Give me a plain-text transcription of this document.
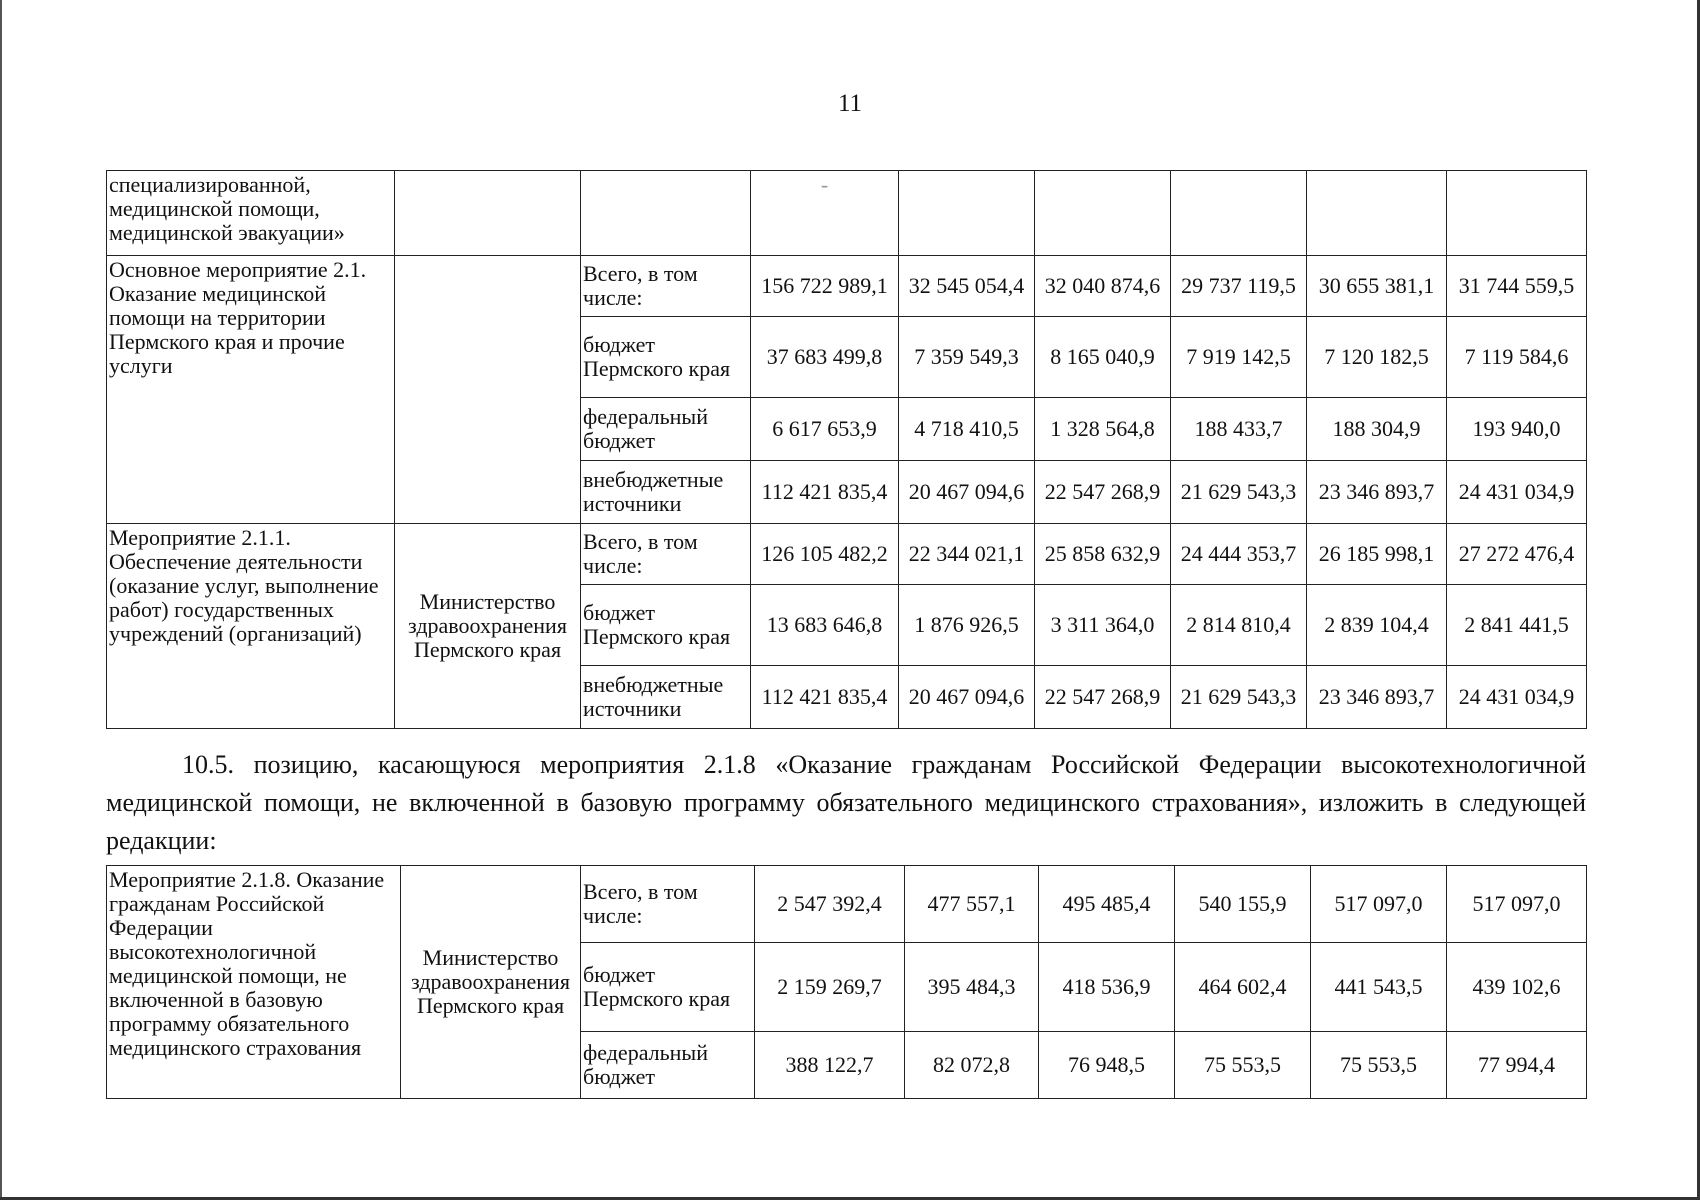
11
специализированной, медицинской помощи, медицинской эвакуации»			-					
Основное мероприятие 2.1. Оказание медицинской помощи на территории Пермского края и прочие услуги		Всего, в том числе:	156 722 989,1	32 545 054,4	32 040 874,6	29 737 119,5	30 655 381,1	31 744 559,5
		бюджет Пермского края	37 683 499,8	7 359 549,3	8 165 040,9	7 919 142,5	7 120 182,5	7 119 584,6
		федеральный бюджет	6 617 653,9	4 718 410,5	1 328 564,8	188 433,7	188 304,9	193 940,0
		внебюджетные источники	112 421 835,4	20 467 094,6	22 547 268,9	21 629 543,3	23 346 893,7	24 431 034,9
Мероприятие 2.1.1. Обеспечение деятельности (оказание услуг, выполнение работ) государственных учреждений (организаций)	Министерство здравоохранения Пермского края	Всего, в том числе:	126 105 482,2	22 344 021,1	25 858 632,9	24 444 353,7	26 185 998,1	27 272 476,4
		бюджет Пермского края	13 683 646,8	1 876 926,5	3 311 364,0	2 814 810,4	2 839 104,4	2 841 441,5
		внебюджетные источники	112 421 835,4	20 467 094,6	22 547 268,9	21 629 543,3	23 346 893,7	24 431 034,9

10.5. позицию, касающуюся мероприятия 2.1.8 «Оказание гражданам Российской Федерации высокотехнологичной медицинской помощи, не включенной в базовую программу обязательного медицинского страхования», изложить в следующей редакции:

Мероприятие 2.1.8. Оказание гражданам Российской Федерации высокотехнологичной медицинской помощи, не включенной в базовую программу обязательного медицинского страхования	Министерство здравоохранения Пермского края	Всего, в том числе:	2 547 392,4	477 557,1	495 485,4	540 155,9	517 097,0	517 097,0
		бюджет Пермского края	2 159 269,7	395 484,3	418 536,9	464 602,4	441 543,5	439 102,6
		федеральный бюджет	388 122,7	82 072,8	76 948,5	75 553,5	75 553,5	77 994,4
